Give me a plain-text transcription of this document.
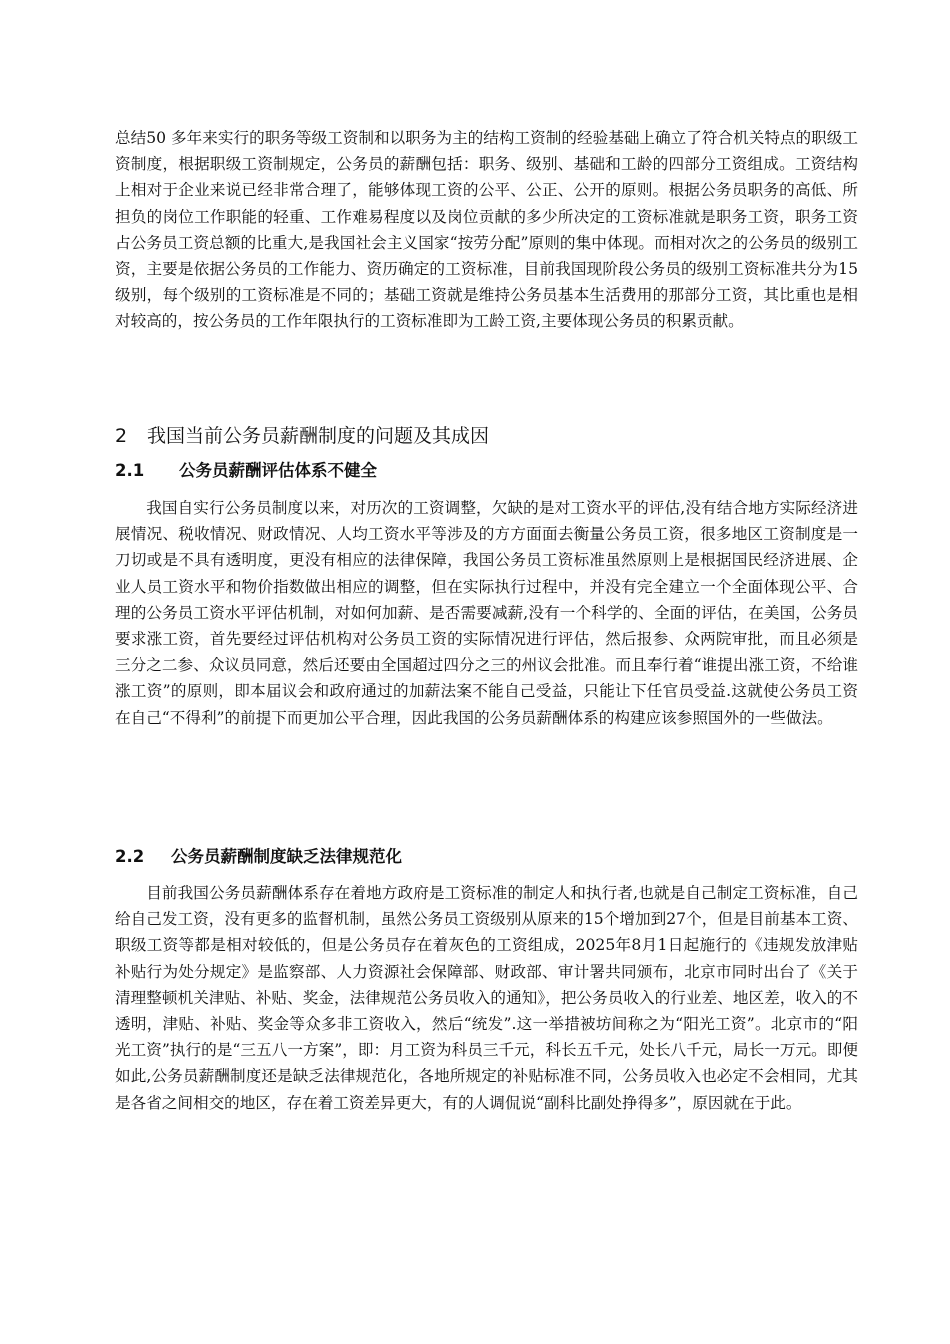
总结50 多年来实行的职务等级工资制和以职务为主的结构工资制的经验基础上确立了符合机关特点的职级工资制度，根据职级工资制规定，公务员的薪酬包括：职务、级别、基础和工龄的四部分工资组成。工资结构上相对于企业来说已经非常合理了，能够体现工资的公平、公正、公开的原则。根据公务员职务的高低、所担负的岗位工作职能的轻重、工作难易程度以及岗位贡献的多少所决定的工资标准就是职务工资，职务工资占公务员工资总额的比重大,是我国社会主义国家“按劳分配”原则的集中体现。而相对次之的公务员的级别工资，主要是依据公务员的工作能力、资历确定的工资标准，目前我国现阶段公务员的级别工资标准共分为15级别，每个级别的工资标准是不同的；基础工资就是维持公务员基本生活费用的那部分工资，其比重也是相对较高的，按公务员的工作年限执行的工资标准即为工龄工资,主要体现公务员的积累贡献。

2 我国当前公务员薪酬制度的问题及其成因
2.1 公务员薪酬评估体系不健全

我国自实行公务员制度以来，对历次的工资调整，欠缺的是对工资水平的评估,没有结合地方实际经济进展情况、税收情况、财政情况、人均工资水平等涉及的方方面面去衡量公务员工资，很多地区工资制度是一刀切或是不具有透明度，更没有相应的法律保障，我国公务员工资标准虽然原则上是根据国民经济进展、企业人员工资水平和物价指数做出相应的调整，但在实际执行过程中，并没有完全建立一个全面体现公平、合理的公务员工资水平评估机制，对如何加薪、是否需要减薪,没有一个科学的、全面的评估，在美国，公务员要求涨工资，首先要经过评估机构对公务员工资的实际情况进行评估，然后报参、众两院审批，而且必须是三分之二参、众议员同意，然后还要由全国超过四分之三的州议会批准。而且奉行着“谁提出涨工资，不给谁涨工资”的原则，即本届议会和政府通过的加薪法案不能自己受益，只能让下任官员受益.这就使公务员工资在自己“不得利”的前提下而更加公平合理，因此我国的公务员薪酬体系的构建应该参照国外的一些做法。

2.2 公务员薪酬制度缺乏法律规范化

目前我国公务员薪酬体系存在着地方政府是工资标准的制定人和执行者,也就是自己制定工资标准，自己给自己发工资，没有更多的监督机制，虽然公务员工资级别从原来的15个增加到27个，但是目前基本工资、职级工资等都是相对较低的，但是公务员存在着灰色的工资组成，2025年8月1日起施行的《违规发放津贴补贴行为处分规定》是监察部、人力资源社会保障部、财政部、审计署共同颁布，北京市同时出台了《关于清理整顿机关津贴、补贴、奖金，法律规范公务员收入的通知》，把公务员收入的行业差、地区差，收入的不透明，津贴、补贴、奖金等众多非工资收入，然后“统发”.这一举措被坊间称之为“阳光工资”。北京市的“阳光工资”执行的是“三五八一方案”，即：月工资为科员三千元，科长五千元，处长八千元，局长一万元。即便如此,公务员薪酬制度还是缺乏法律规范化，各地所规定的补贴标准不同，公务员收入也必定不会相同，尤其是各省之间相交的地区，存在着工资差异更大，有的人调侃说“副科比副处挣得多”，原因就在于此。
